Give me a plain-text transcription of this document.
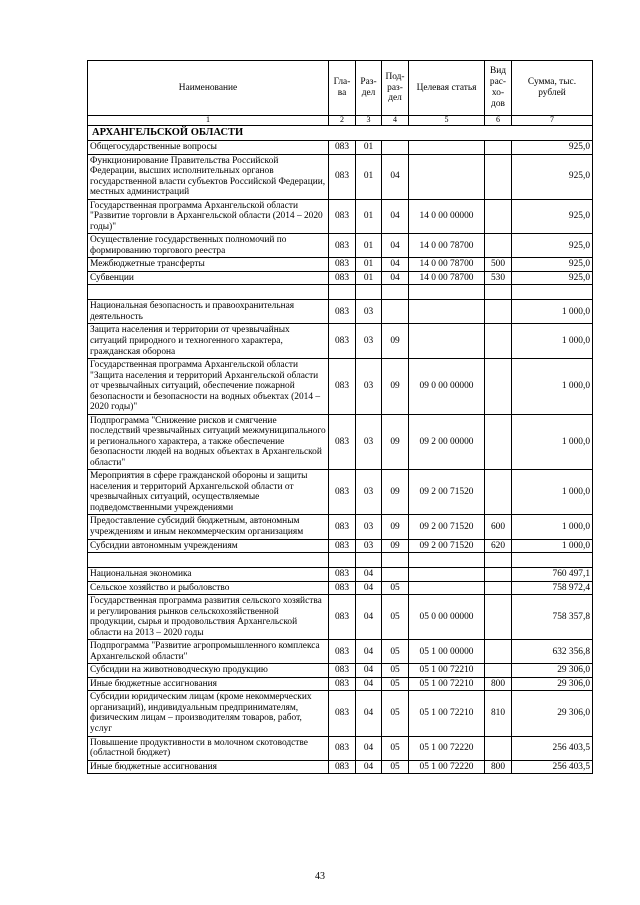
Наименование	Гла-ва	Раз-дел	Под-раз-дел	Целевая статья	Вид рас-хо-дов	Сумма, тыс. рублей
1	2	3	4	5	6	7
АРХАНГЕЛЬСКОЙ ОБЛАСТИ						
Общегосударственные вопросы	083	01				925,0
Функционирование Правительства Российской Федерации, высших исполнительных органов государственной власти субъектов Российской Федерации, местных администраций	083	01	04			925,0
Государственная программа Архангельской области "Развитие торговли в Архангельской области (2014 – 2020 годы)"	083	01	04	14 0 00 00000		925,0
Осуществление государственных полномочий по формированию торгового реестра	083	01	04	14 0 00 78700		925,0
Межбюджетные трансферты	083	01	04	14 0 00 78700	500	925,0
Субвенции	083	01	04	14 0 00 78700	530	925,0

Национальная безопасность и правоохранительная деятельность	083	03				1 000,0
Защита населения и территории от чрезвычайных ситуаций природного и техногенного характера, гражданская оборона	083	03	09			1 000,0
Государственная программа Архангельской области "Защита населения и территорий Архангельской области от чрезвычайных ситуаций, обеспечение пожарной безопасности и безопасности на водных объектах (2014 – 2020 годы)"	083	03	09	09 0 00 00000		1 000,0
Подпрограмма "Снижение рисков и смягчение последствий чрезвычайных ситуаций межмуниципального и регионального характера, а также обеспечение безопасности людей на водных объектах в Архангельской области"	083	03	09	09 2 00 00000		1 000,0
Мероприятия в сфере гражданской обороны и защиты населения и территорий Архангельской области от чрезвычайных ситуаций, осуществляемые подведомственными учреждениями	083	03	09	09 2 00 71520		1 000,0
Предоставление субсидий бюджетным, автономным учреждениям и иным некоммерческим организациям	083	03	09	09 2 00 71520	600	1 000,0
Субсидии автономным учреждениям	083	03	09	09 2 00 71520	620	1 000,0

Национальная экономика	083	04				760 497,1
Сельское хозяйство и рыболовство	083	04	05			758 972,4
Государственная программа развития сельского хозяйства и регулирования рынков сельскохозяйственной продукции, сырья и продовольствия Архангельской области на 2013 – 2020 годы	083	04	05	05 0 00 00000		758 357,8
Подпрограмма "Развитие агропромышленного комплекса Архангельской области"	083	04	05	05 1 00 00000		632 356,8
Субсидии на животноводческую продукцию	083	04	05	05 1 00 72210		29 306,0
Иные бюджетные ассигнования	083	04	05	05 1 00 72210	800	29 306,0
Субсидии юридическим лицам (кроме некоммерческих организаций), индивидуальным предпринимателям, физическим лицам – производителям товаров, работ, услуг	083	04	05	05 1 00 72210	810	29 306,0
Повышение продуктивности в молочном скотоводстве (областной бюджет)	083	04	05	05 1 00 72220		256 403,5
Иные бюджетные ассигнования	083	04	05	05 1 00 72220	800	256 403,5
43
